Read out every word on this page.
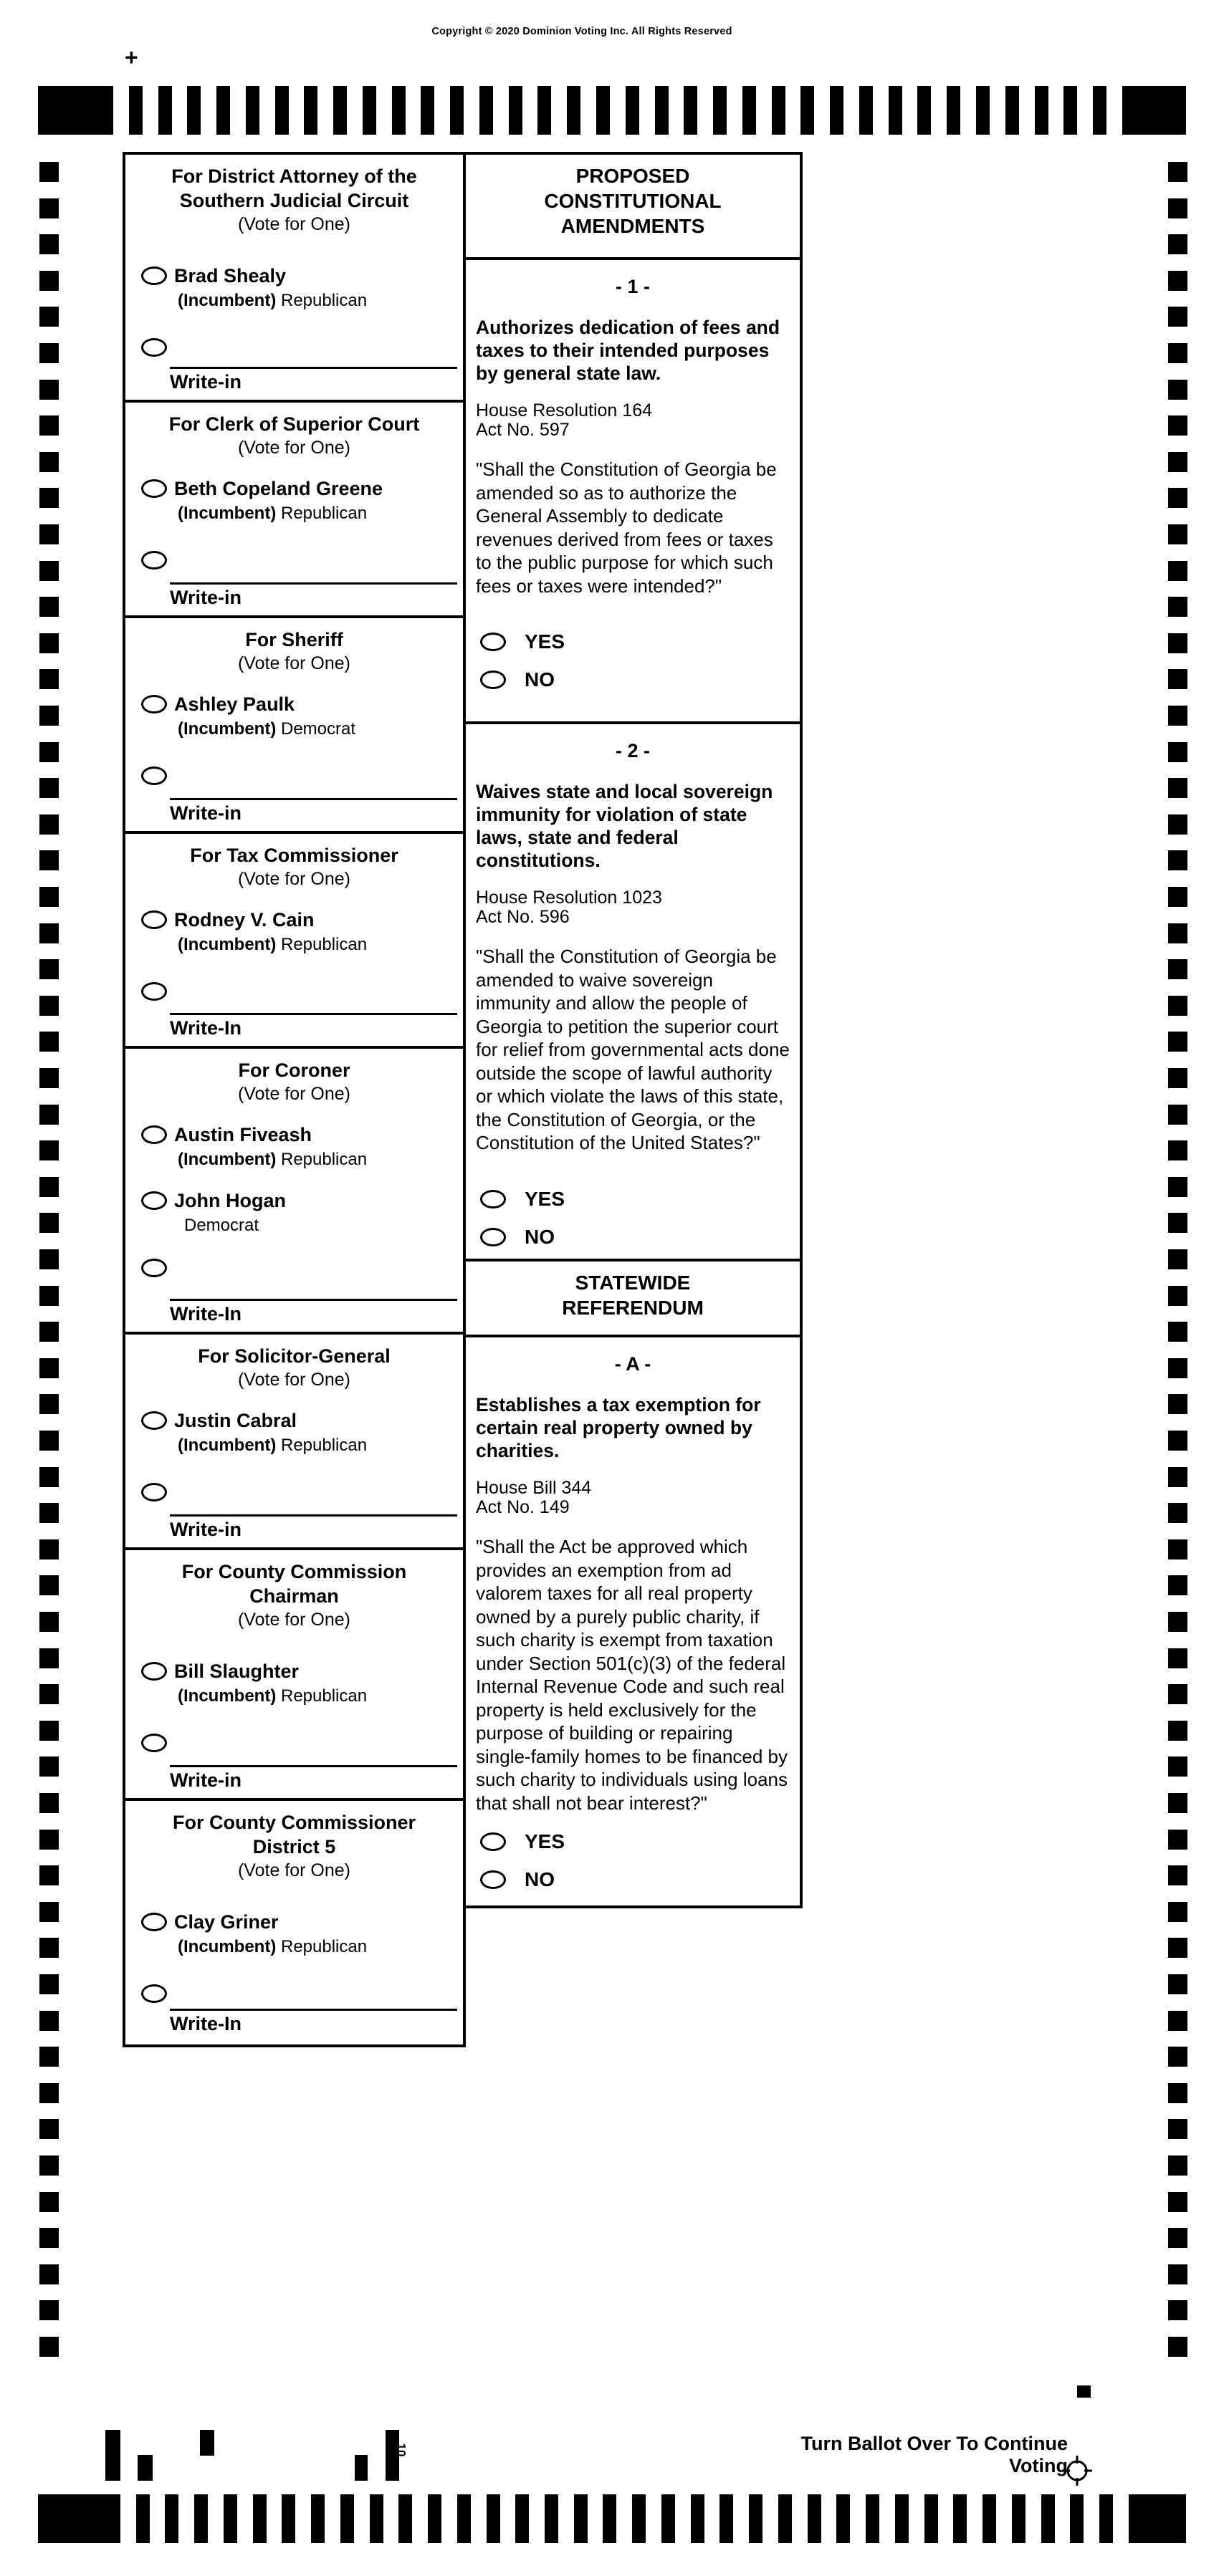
Copyright © 2020 Dominion Voting Inc. All Rights Reserved
+
For District Attorney of the
Southern Judicial Circuit
(Vote for One)
Brad Shealy
(Incumbent) Republican
Write-in
For Clerk of Superior Court
(Vote for One)
Beth Copeland Greene
(Incumbent) Republican
Write-in
For Sheriff
(Vote for One)
Ashley Paulk
(Incumbent) Democrat
Write-in
For Tax Commissioner
(Vote for One)
Rodney V. Cain
(Incumbent) Republican
Write-In
For Coroner
(Vote for One)
Austin Fiveash
(Incumbent) Republican
John Hogan
Democrat
Write-In
For Solicitor-General
(Vote for One)
Justin Cabral
(Incumbent) Republican
Write-in
For County Commission
Chairman
(Vote for One)
Bill Slaughter
(Incumbent) Republican
Write-in
For County Commissioner
District 5
(Vote for One)
Clay Griner
(Incumbent) Republican
Write-In
PROPOSED
CONSTITUTIONAL
AMENDMENTS
- 1 -
Authorizes dedication of fees and taxes to their intended purposes by general state law.
House Resolution 164
Act No. 597
"Shall the Constitution of Georgia be amended so as to authorize the General Assembly to dedicate revenues derived from fees or taxes to the public purpose for which such fees or taxes were intended?"
YES
NO
- 2 -
Waives state and local sovereign immunity for violation of state laws, state and federal constitutions.
House Resolution 1023
Act No. 596
"Shall the Constitution of Georgia be amended to waive sovereign immunity and allow the people of Georgia to petition the superior court for relief from governmental acts done outside the scope of lawful authority or which violate the laws of this state, the Constitution of Georgia, or the Constitution of the United States?"
YES
NO
STATEWIDE
REFERENDUM
- A -
Establishes a tax exemption for certain real property owned by charities.
House Bill 344
Act No. 149
"Shall the Act be approved which provides an exemption from ad valorem taxes for all real property owned by a purely public charity, if such charity is exempt from taxation under Section 501(c)(3) of the federal Internal Revenue Code and such real property is held exclusively for the purpose of building or repairing single-family homes to be financed by such charity to individuals using loans that shall not bear interest?"
YES
NO
Turn Ballot Over To Continue Voting
10
